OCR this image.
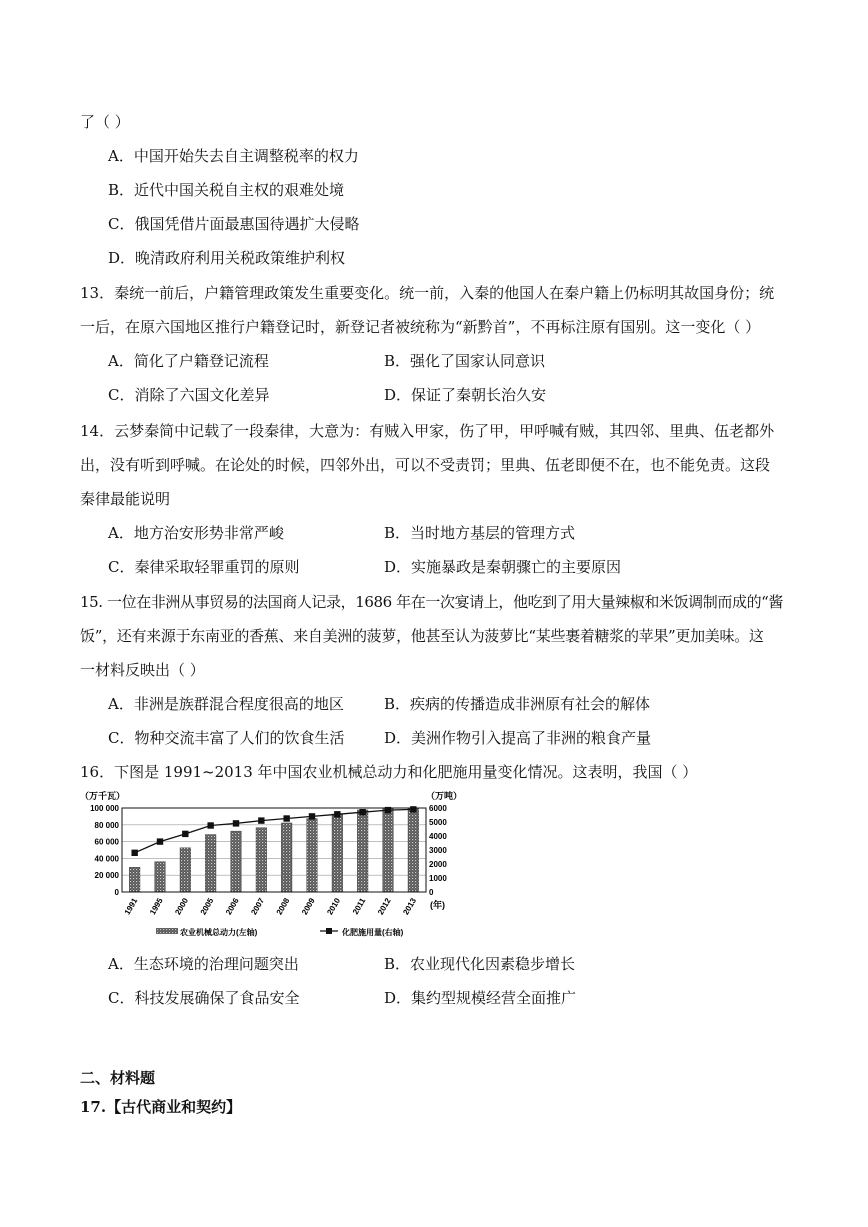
了（ ）
A．中国开始失去自主调整税率的权力
B．近代中国关税自主权的艰难处境
C．俄国凭借片面最惠国待遇扩大侵略
D．晚清政府利用关税政策维护利权
13．秦统一前后，户籍管理政策发生重要变化。统一前，入秦的他国人在秦户籍上仍标明其故国身份；统
一后，在原六国地区推行户籍登记时，新登记者被统称为“新黔首”，不再标注原有国别。这一变化（ ）
A．简化了户籍登记流程	B．强化了国家认同意识
C．消除了六国文化差异	D．保证了秦朝长治久安
14．云梦秦简中记载了一段秦律，大意为：有贼入甲家，伤了甲，甲呼喊有贼，其四邻、里典、伍老都外
出，没有听到呼喊。在论处的时候，四邻外出，可以不受责罚；里典、伍老即便不在，也不能免责。这段
秦律最能说明
A．地方治安形势非常严峻	B．当时地方基层的管理方式
C．秦律采取轻罪重罚的原则	D．实施暴政是秦朝骤亡的主要原因
15. 一位在非洲从事贸易的法国商人记录，1686 年在一次宴请上，他吃到了用大量辣椒和米饭调制而成的“酱
饭”，还有来源于东南亚的香蕉、来自美洲的菠萝，他甚至认为菠萝比“某些裹着糖浆的苹果”更加美味。这
一材料反映出（ ）
A．非洲是族群混合程度很高的地区	B．疾病的传播造成非洲原有社会的解体
C．物种交流丰富了人们的饮食生活	D．美洲作物引入提高了非洲的粮食产量
16．下图是 1991~2013 年中国农业机械总动力和化肥施用量变化情况。这表明，我国（ ）
（万千瓦）	（万吨）
0
20 000
40 000
60 000
80 000
100 000
0
1000
2000
3000
4000
5000
6000
1991 1995 2000 2005 2006 2007 2008 2009 2010 2011 2012 2013 (年)
农业机械总动力(左轴)	化肥施用量(右轴)
A．生态环境的治理问题突出	B．农业现代化因素稳步增长
C．科技发展确保了食品安全	D．集约型规模经营全面推广
二、材料题
17.【古代商业和契约】
